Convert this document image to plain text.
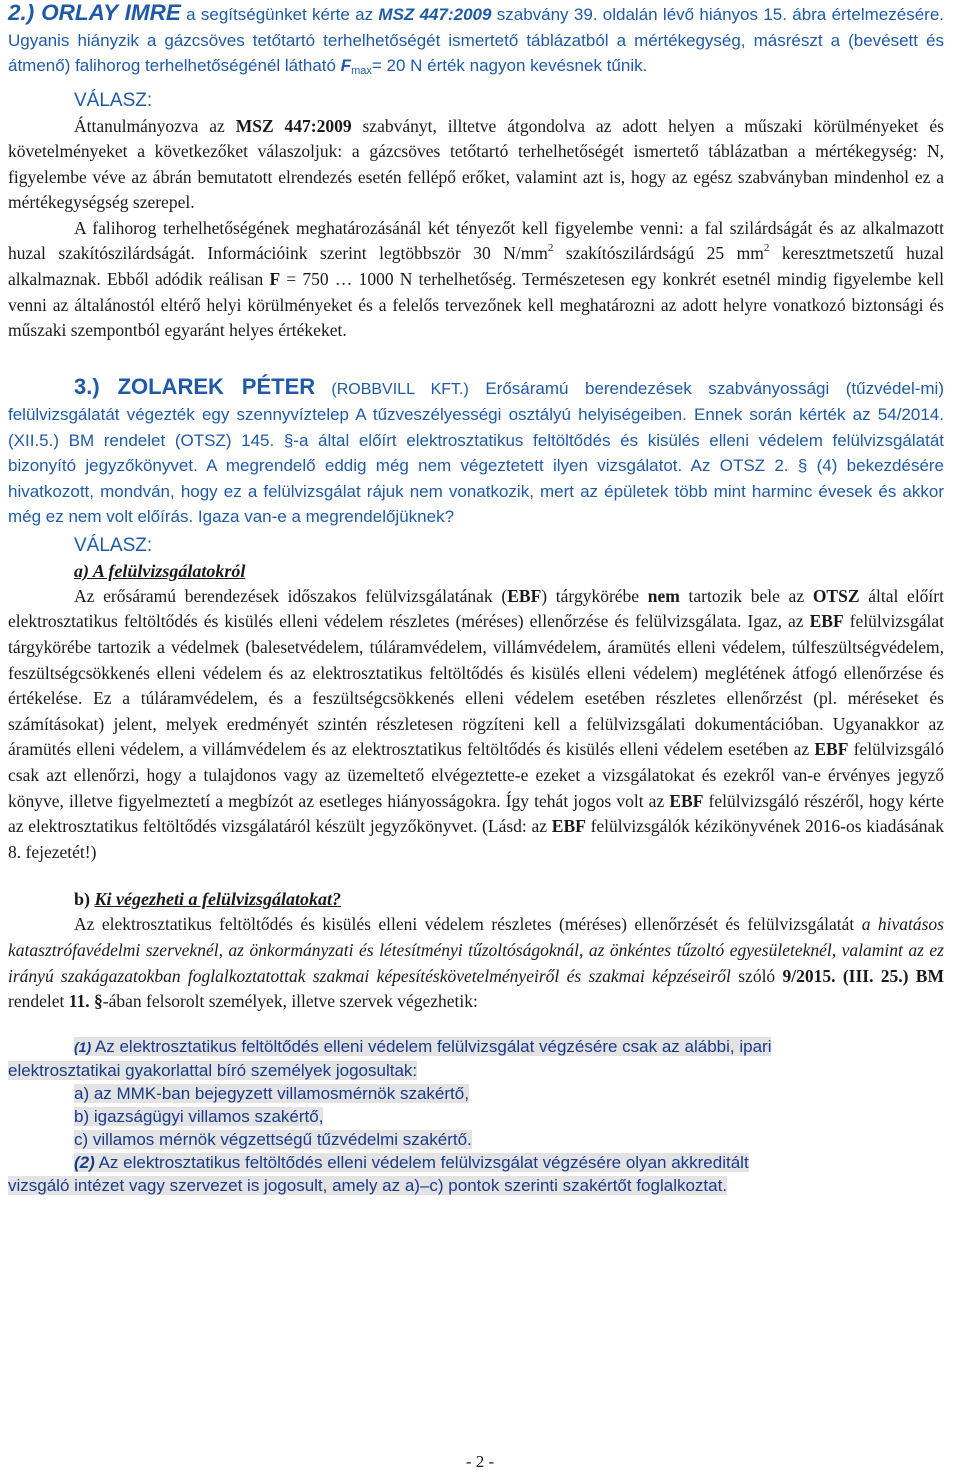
2.) ORLAY IMRE a segítségünket kérte az MSZ 447:2009 szabvány 39. oldalán lévő hiányos 15. ábra értelmezésére. Ugyanis hiányzik a gázcsöves tetőtartó terhelhetőségét ismertető táblázatból a mértékegység, másrészt a (bevésett és átmenő) falihorog terhelhetőségénél látható $F_{max}= 20$ N érték nagyon kevésnek tűnik.
VÁLASZ:
Áttanulmányozva az MSZ 447:2009 szabványt, illtetve átgondolva az adott helyen a műszaki körülményeket és követelményeket a következőket válaszoljuk: a gázcsöves tetőtartó terhelhetőségét ismertető táblázatban a mértékegység: N, figyelembe véve az ábrán bemutatott elrendezés esetén fellépő erőket, valamint azt is, hogy az egész szabványban mindenhol ez a mértékegységség szerepel.
A falihorog terhelhetőségének meghatározásánál két tényezőt kell figyelembe venni: a fal szilárdságát és az alkalmazott huzal szakítószilárdságát. Információink szerint legtöbbször 30 $N/mm^2$ szakítószilárdságú 25 $mm^2$ keresztmetszetű huzal alkalmaznak. Ebből adódik reálisan F = 750 … 1000 N terhelhetőség. Természetesen egy konkrét esetnél mindig figyelembe kell venni az általánostól eltérő helyi körülményeket és a felelős tervezőnek kell meghatározni az adott helyre vonatkozó biztonsági és műszaki szempontból egyaránt helyes értékeket.
3.) ZOLAREK PÉTER (ROBBVILL KFT.) Erősáramú berendezések szabványossági (tűzvédel-mi) felülvizsgálatát végezték egy szennyvíztelep A tűzveszélyességi osztályú helyiségeiben. Ennek során kérték az 54/2014. (XII.5.) BM rendelet (OTSZ) 145. §-a által előírt elektrosztatikus feltöltődés és kisülés elleni védelem felülvizsgálatát bizonyító jegyzőkönyvet. A megrendelő eddig még nem végeztetett ilyen vizsgálatot. Az OTSZ 2. § (4) bekezdésére hivatkozott, mondván, hogy ez a felülvizsgálat rájuk nem vonatkozik, mert az épületek több mint harminc évesek és akkor még ez nem volt előírás. Igaza van-e a megrendelőjüknek?
VÁLASZ:
a) A felülvizsgálatokról
Az erősáramú berendezések időszakos felülvizsgálatának (EBF) tárgykörébe nem tartozik bele az OTSZ által előírt elektrosztatikus feltöltődés és kisülés elleni védelem részletes (méréses) ellenőrzése és felülvizsgálata. Igaz, az EBF felülvizsgálat tárgykörébe tartozik a védelmek (balesetvédelem, túláramvédelem, villámvédelem, áramütés elleni védelem, túlfeszültségvédelem, feszültségcsökkenés elleni védelem és az elektrosztatikus feltöltődés és kisülés elleni védelem) meglétének átfogó ellenőrzése és értékelése. Ez a túláramvédelem, és a feszültségcsökkenés elleni védelem esetében részletes ellenőrzést (pl. méréseket és számításokat) jelent, melyek eredményét szintén részletesen rögzíteni kell a felülvizsgálati dokumentációban. Ugyanakkor az áramütés elleni védelem, a villámvédelem és az elektrosztatikus feltöltődés és kisülés elleni védelem esetében az EBF felülvizsgáló csak azt ellenőrzi, hogy a tulajdonos vagy az üzemeltető elvégeztette-e ezeket a vizsgálatokat és ezekről van-e érvényes jegyző könyve, illetve figyelmeztetí a megbízót az esetleges hiányosságokra. Így tehát jogos volt az EBF felülvizsgáló részéről, hogy kérte az elektrosztatikus feltöltődés vizsgálatáról készült jegyzőkönyvet. (Lásd: az EBF felülvizsgálók kézikönyvének 2016-os kiadásának 8. fejezetét!)
b) Ki végezheti a felülvizsgálatokat?
Az elektrosztatikus feltöltődés és kisülés elleni védelem részletes (méréses) ellenőrzését és felülvizsgálatát a hivatásos katasztrófavédelmi szerveknél, az önkormányzati és létesítményi tűzoltóságoknál, az önkéntes tűzoltó egyesületeknél, valamint az ez irányú szakágazatokban foglalkoztatottak szakmai képesítéskövetelményeiről és szakmai képzéseiről szóló 9/2015. (III. 25.) BM rendelet 11. §-ában felsorolt személyek, illetve szervek végezhetik:
(1) Az elektrosztatikus feltöltődés elleni védelem felülvizsgálat végzésére csak az alábbi, ipari
elektrosztatikai gyakorlattal bíró személyek jogosultak:
a) az MMK-ban bejegyzett villamosmérnök szakértő,
b) igazságügyi villamos szakértő,
c) villamos mérnök végzettségű tűzvédelmi szakértő.
(2) Az elektrosztatikus feltöltődés elleni védelem felülvizsgálat végzésére olyan akkreditált
vizsgáló intézet vagy szervezet is jogosult, amely az a)–c) pontok szerinti szakértőt foglalkoztat.
- 2 -
